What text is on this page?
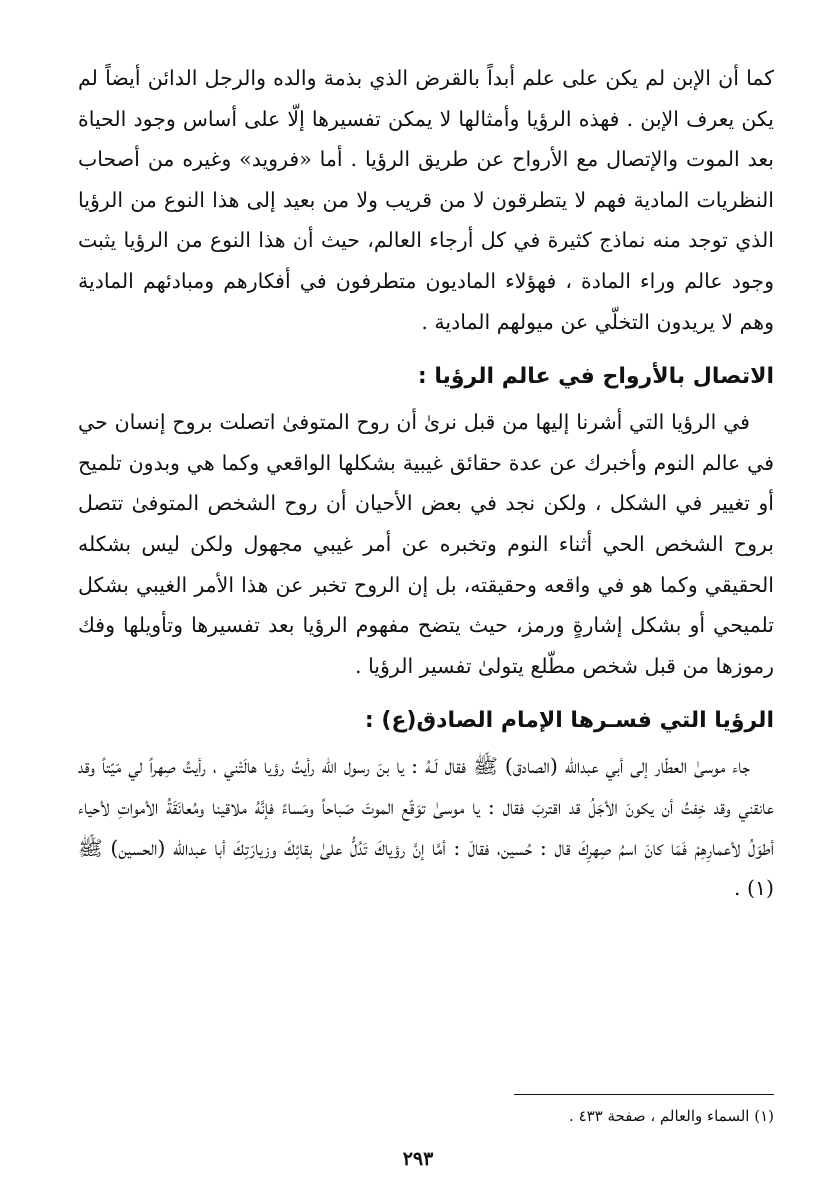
كما أن الإبن لم يكن على علم أبداً بالقرض الذي بذمة والده والرجل الدائن أيضاً لم يكن يعرف الإبن . فهذه الرؤيا وأمثالها لا يمكن تفسيرها إلّا على أساس وجود الحياة بعد الموت والإتصال مع الأرواح عن طريق الرؤيا . أما «فرويد» وغيره من أصحاب النظريات المادية فهم لا يتطرقون لا من قريب ولا من بعيد إلى هذا النوع من الرؤيا الذي توجد منه نماذج كثيرة في كل أرجاء العالم، حيث أن هذا النوع من الرؤيا يثبت وجود عالم وراء المادة ، فهؤلاء الماديون متطرفون في أفكارهم ومبادئهم المادية وهم لا يريدون التخلّي عن ميولهم المادية .

الاتصال بالأرواح في عالم الرؤيا :

في الرؤيا التي أشرنا إليها من قبل نرىٰ أن روح المتوفىٰ اتصلت بروح إنسان حي في عالم النوم وأخبرك عن عدة حقائق غيبية بشكلها الواقعي وكما هي وبدون تلميح أو تغيير في الشكل ، ولكن نجد في بعض الأحيان أن روح الشخص المتوفىٰ تتصل بروح الشخص الحي أثناء النوم وتخبره عن أمر غيبي مجهول ولكن ليس بشكله الحقيقي وكما هو في واقعه وحقيقته، بل إن الروح تخبر عن هذا الأمر الغيبي بشكل تلميحي أو بشكل إشارةٍ ورمز، حيث يتضح مفهوم الرؤيا بعد تفسيرها وتأويلها وفك رموزها من قبل شخص مطّلع يتولىٰ تفسير الرؤيا .

الرؤيا التي فسـرها الإمام الصادق(ع) :

جاء موسىٰ العطّار إلى أبي عبدالله (الصادق) ﷺ فقال لَـهُ : يا بنَ رسول الله رأيتُ رؤيا هالَتْني ، رأيتُ صِهراً لي مَيّتاً وقد عانقني وقد خِفتُ أن يكونَ الأجَلُ قد اقتربَ فقال : يا موسىٰ توَقّع الموتَ صَباحاً ومَساءً فإنَّهُ ملاقينا ومُعانَقَةُ الأمواتِ لأحياء أطوَلُ لأعمارِهِمْ فَمَا كانَ اسمُ صِهرِكَ قال : حُسين، فقالَ : أمَّا إنَّ رؤياكَ تَدُلُّ علىٰ بقائِكَ وزيارَتِكَ أبا عبدالله (الحسين) ﷺ (١) .

(١) السماء والعالم ، صفحة ٤٣٣ .
٢٩٣
